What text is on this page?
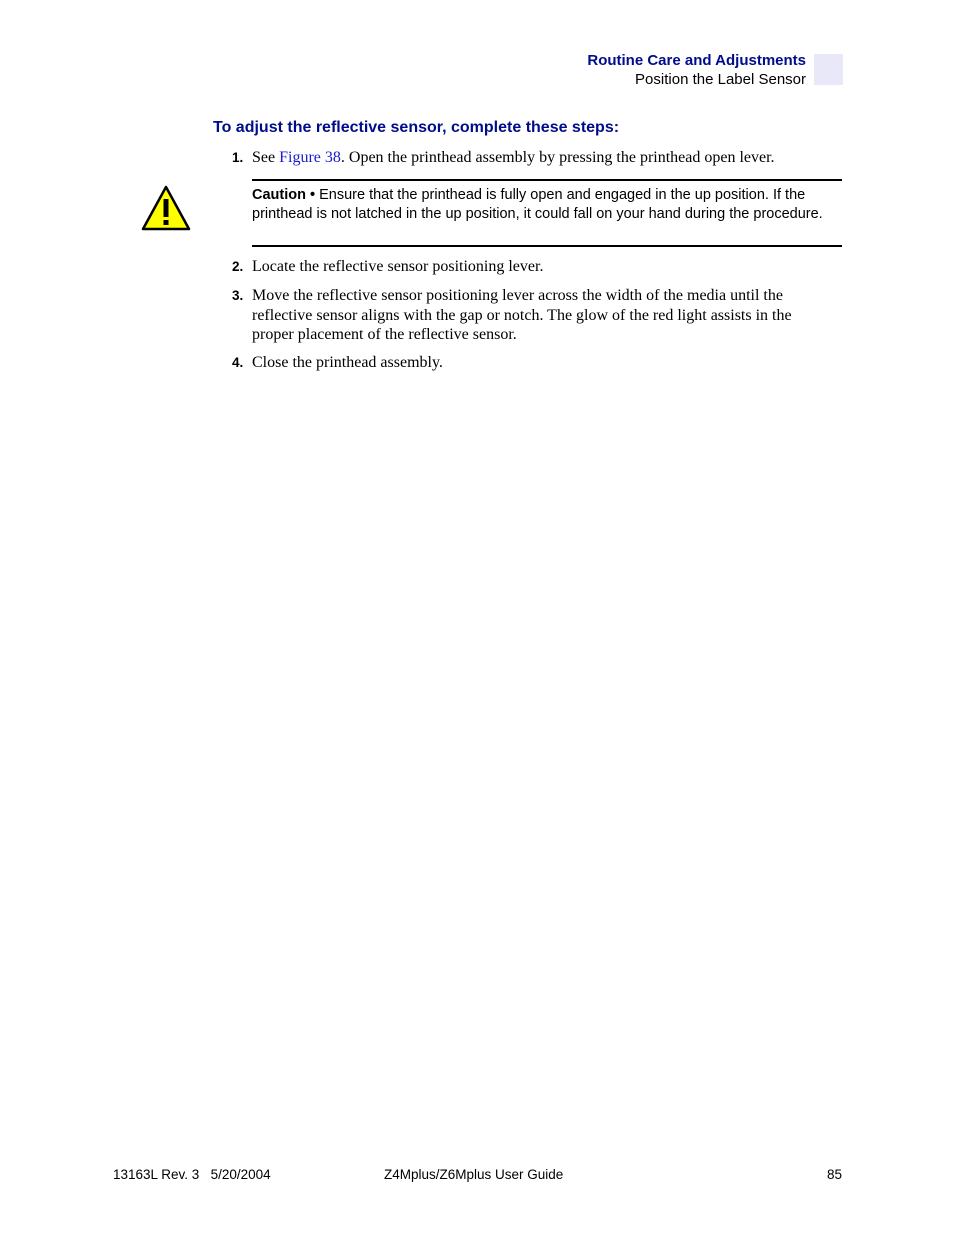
Routine Care and Adjustments
Position the Label Sensor
To adjust the reflective sensor, complete these steps:
1. See Figure 38. Open the printhead assembly by pressing the printhead open lever.
Caution • Ensure that the printhead is fully open and engaged in the up position. If the printhead is not latched in the up position, it could fall on your hand during the procedure.
2. Locate the reflective sensor positioning lever.
3. Move the reflective sensor positioning lever across the width of the media until the reflective sensor aligns with the gap or notch. The glow of the red light assists in the proper placement of the reflective sensor.
4. Close the printhead assembly.
13163L Rev. 3   5/20/2004	Z4Mplus/Z6Mplus User Guide	85
